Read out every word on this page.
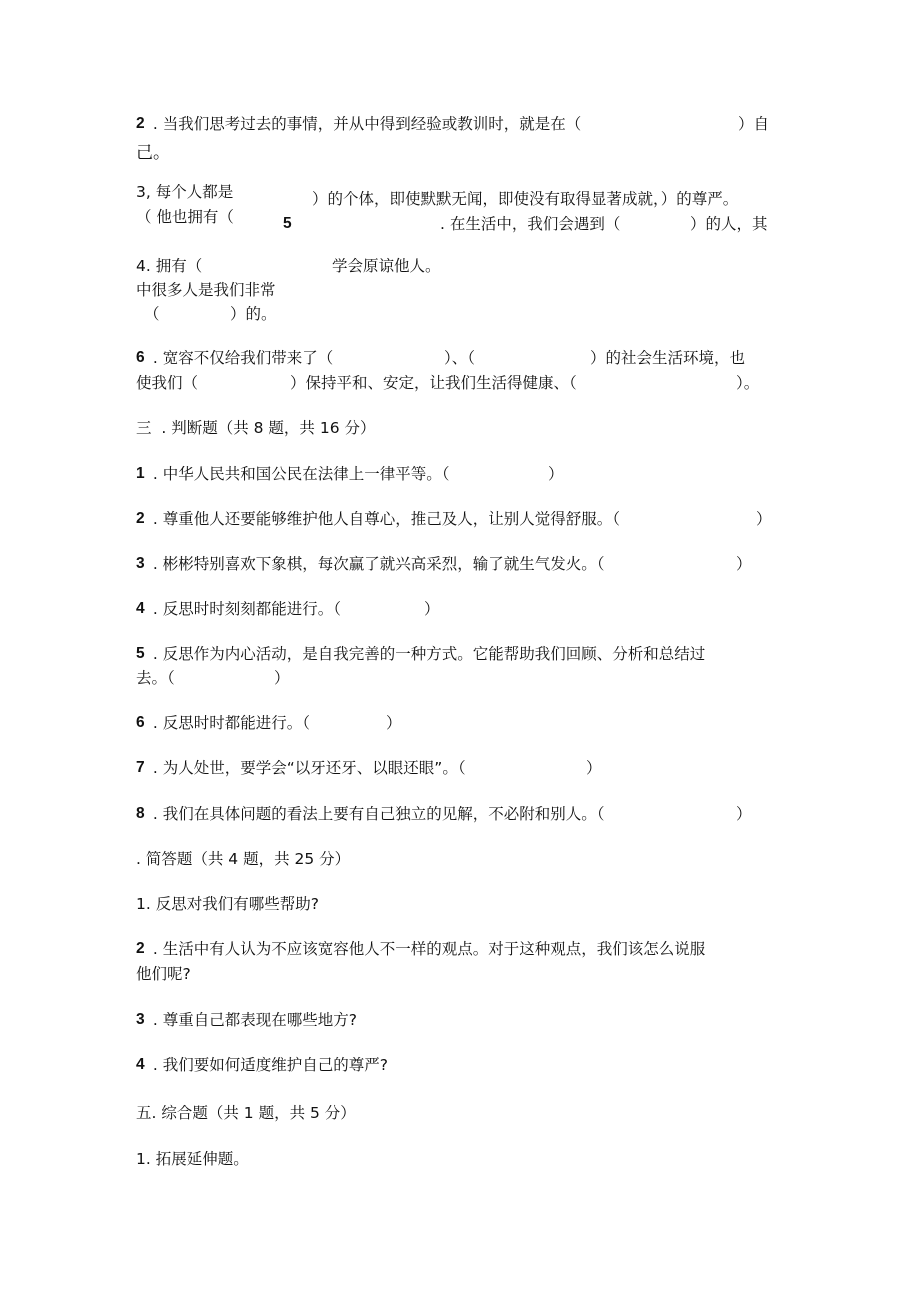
2 . 当我们思考过去的事情，并从中得到经验或教训时，就是在（	）自
己。
3, 每个人都是	）的个体，即使默默无闻，即使没有取得显著成就，）的尊严。
（ 他也拥有（	5	. 在生活中，我们会遇到（	）的人，其
4. 拥有（	学会原谅他人。
中很多人是我们非常
（	）的。
6 . 宽容不仅给我们带来了（	）、（	）的社会生活环境，也
使我们（	）保持平和、安定，让我们生活得健康、（	）。
三  . 判断题（共 8 题，共 16 分）
1 . 中华人民共和国公民在法律上一律平等。（	）
2 . 尊重他人还要能够维护他人自尊心，推己及人，让别人觉得舒服。（	）
3 . 彬彬特别喜欢下象棋，每次赢了就兴高采烈，输了就生气发火。（	）
4 . 反思时时刻刻都能进行。（	）
5 . 反思作为内心活动，是自我完善的一种方式。它能帮助我们回顾、分析和总结过
去。（	）
6 . 反思时时都能进行。（	）
7 . 为人处世，要学会“以牙还牙、以眼还眼”。（	）
8 . 我们在具体问题的看法上要有自己独立的见解，不必附和别人。（	）
. 简答题（共 4 题，共 25 分）
1. 反思对我们有哪些帮助?
2 . 生活中有人认为不应该宽容他人不一样的观点。对于这种观点，我们该怎么说服
他们呢?
3 . 尊重自己都表现在哪些地方?
4 . 我们要如何适度维护自己的尊严?
五. 综合题（共 1 题，共 5 分）
1. 拓展延伸题。
